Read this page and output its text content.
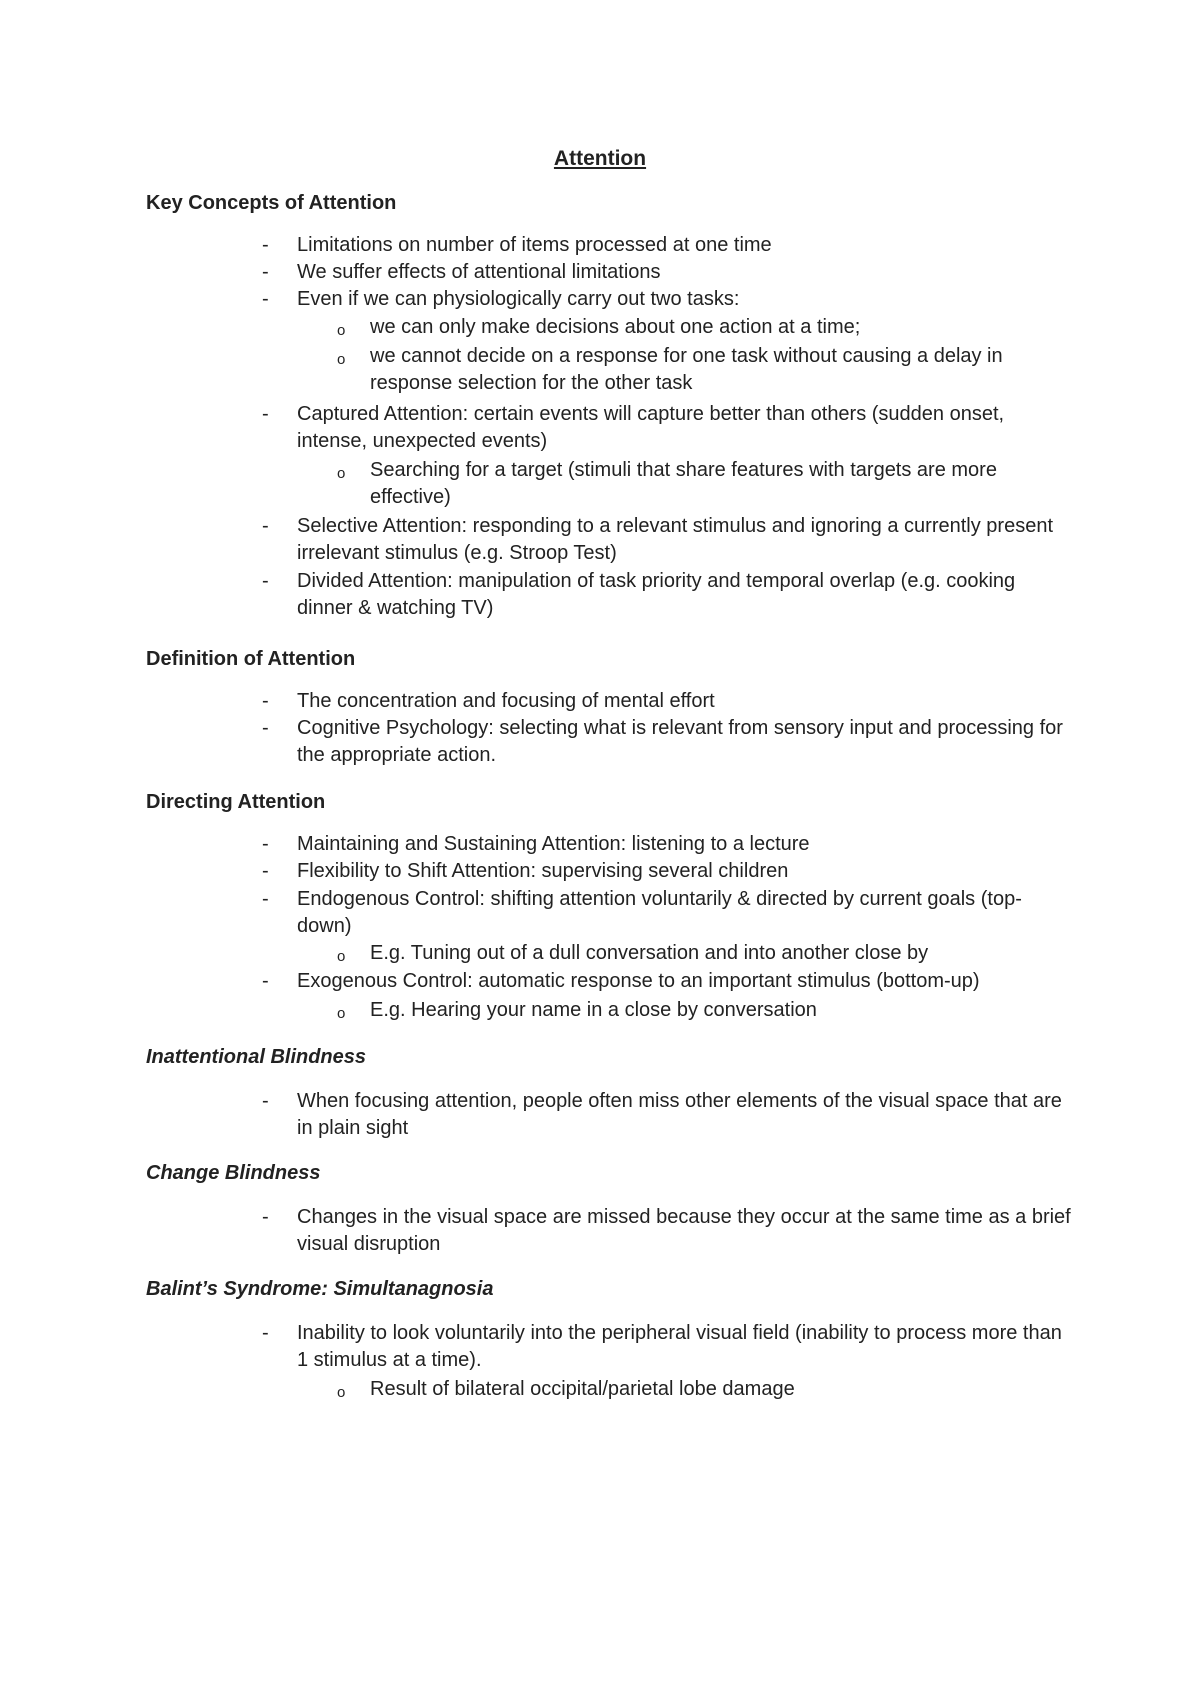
Attention
Key Concepts of Attention
- Limitations on number of items processed at one time
- We suffer effects of attentional limitations
- Even if we can physiologically carry out two tasks:
o we can only make decisions about one action at a time;
o we cannot decide on a response for one task without causing a delay in response selection for the other task
- Captured Attention: certain events will capture better than others (sudden onset, intense, unexpected events)
o Searching for a target (stimuli that share features with targets are more effective)
- Selective Attention: responding to a relevant stimulus and ignoring a currently present irrelevant stimulus (e.g. Stroop Test)
- Divided Attention: manipulation of task priority and temporal overlap (e.g. cooking dinner & watching TV)
Definition of Attention
- The concentration and focusing of mental effort
- Cognitive Psychology: selecting what is relevant from sensory input and processing for the appropriate action.
Directing Attention
- Maintaining and Sustaining Attention: listening to a lecture
- Flexibility to Shift Attention: supervising several children
- Endogenous Control: shifting attention voluntarily & directed by current goals (top-down)
o E.g. Tuning out of a dull conversation and into another close by
- Exogenous Control: automatic response to an important stimulus (bottom-up)
o E.g. Hearing your name in a close by conversation
Inattentional Blindness
- When focusing attention, people often miss other elements of the visual space that are in plain sight
Change Blindness
- Changes in the visual space are missed because they occur at the same time as a brief visual disruption
Balint’s Syndrome: Simultanagnosia
- Inability to look voluntarily into the peripheral visual field (inability to process more than 1 stimulus at a time).
o Result of bilateral occipital/parietal lobe damage
